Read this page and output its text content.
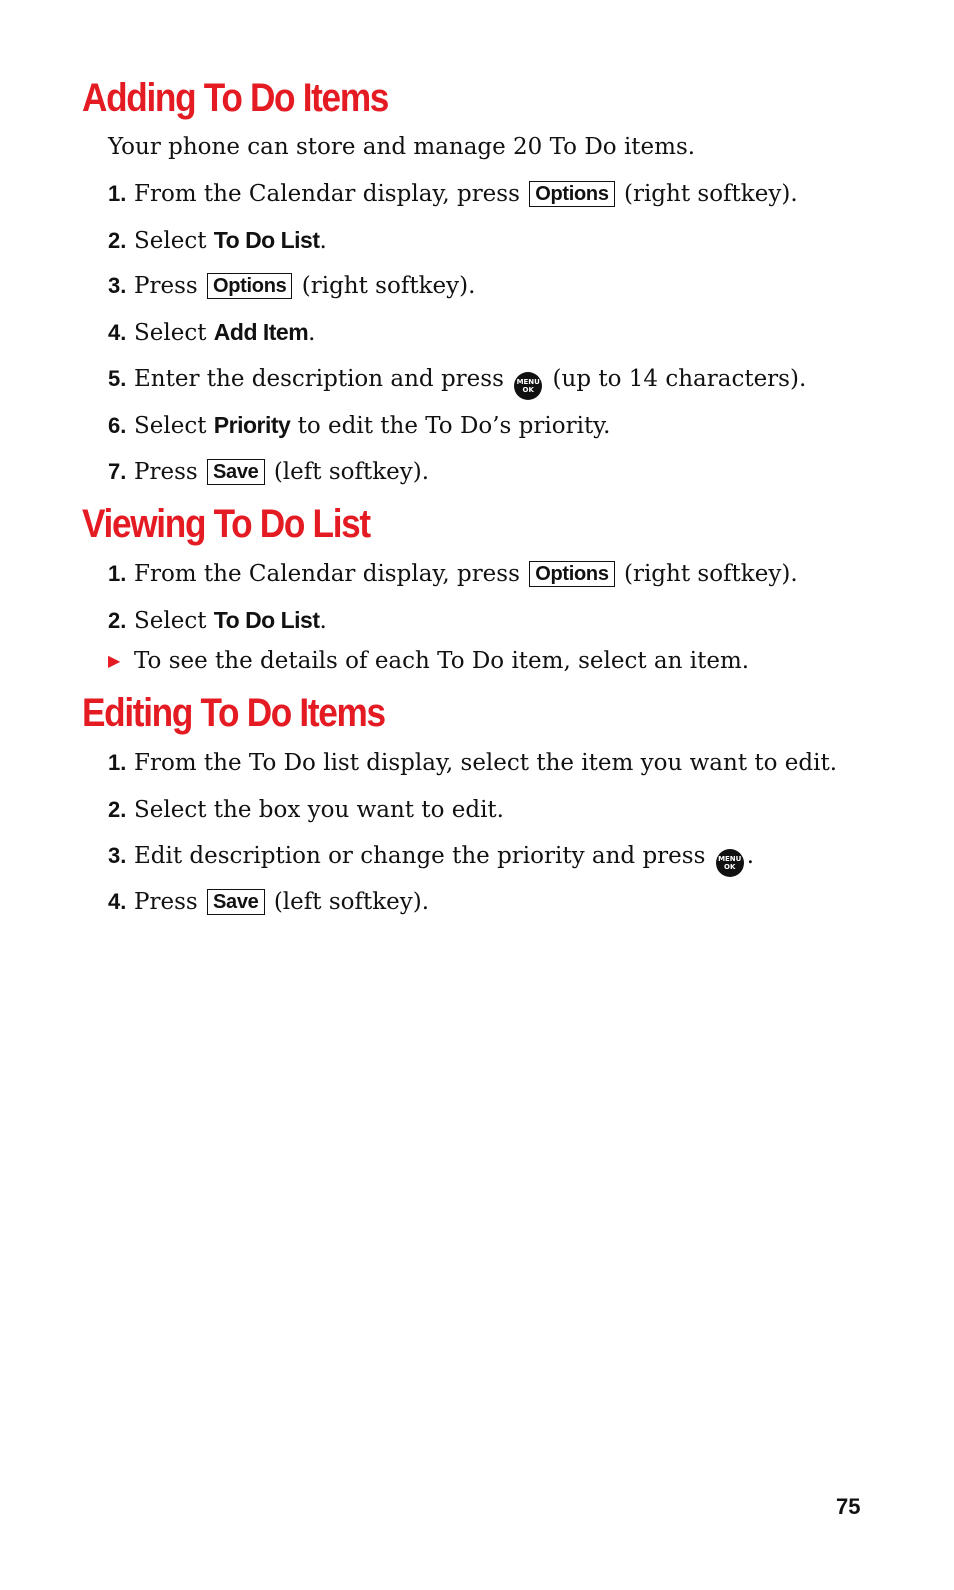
Adding To Do Items
Your phone can store and manage 20 To Do items.
1. From the Calendar display, press Options (right softkey).
2. Select To Do List.
3. Press Options (right softkey).
4. Select Add Item.
5. Enter the description and press MENU
OK (up to 14 characters).
6. Select Priority to edit the To Do’s priority.
7. Press Save (left softkey).
Viewing To Do List
1. From the Calendar display, press Options (right softkey).
2. Select To Do List.
▶ To see the details of each To Do item, select an item.
Editing To Do Items
1. From the To Do list display, select the item you want to edit.
2. Select the box you want to edit.
3. Edit description or change the priority and press MENU
OK .
4. Press Save (left softkey).
75
